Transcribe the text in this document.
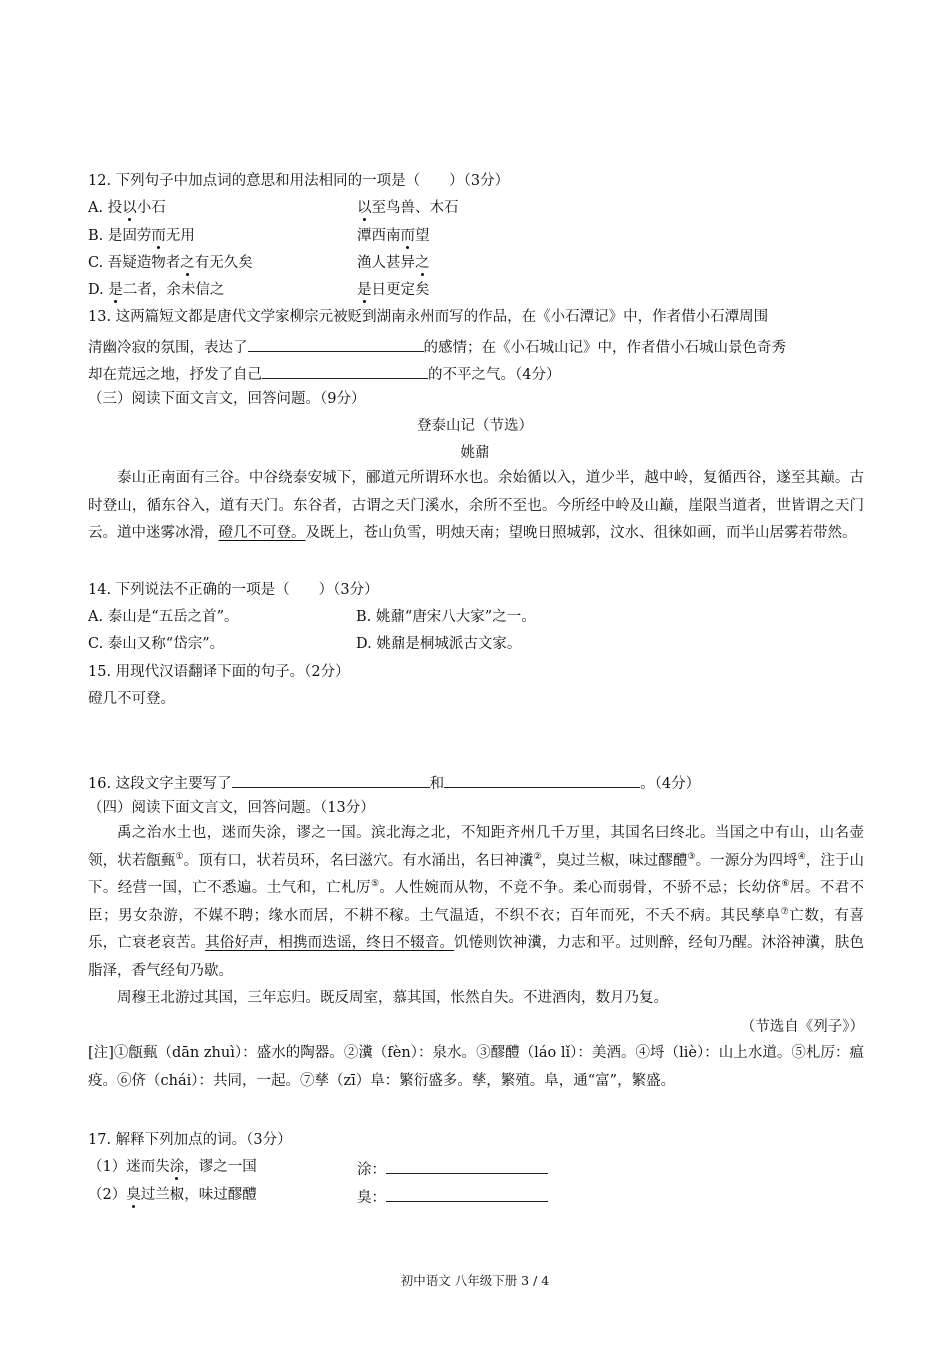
12. 下列句子中加点词的意思和用法相同的一项是（　　）（3分）
A. 投以小石	以至鸟兽、木石
B. 是固劳而无用	潭西南而望
C. 吾疑造物者之有无久矣	渔人甚异之
D. 是二者，余未信之	是日更定矣
13. 这两篇短文都是唐代文学家柳宗元被贬到湖南永州而写的作品，在《小石潭记》中，作者借小石潭周围
清幽冷寂的氛围，表达了	的感情；在《小石城山记》中，作者借小石城山景色奇秀
却在荒远之地，抒发了自己	的不平之气。（4分）
（三）阅读下面文言文，回答问题。（9分）
登泰山记（节选）
姚鼐
泰山正南面有三谷。中谷绕泰安城下，郦道元所谓环水也。余始循以入，道少半，越中岭，复循西谷，遂至其巅。古时登山，循东谷入，道有天门。东谷者，古谓之天门溪水，余所不至也。今所经中岭及山巅，崖限当道者，世皆谓之天门云。道中迷雾冰滑，磴几不可登。及既上，苍山负雪，明烛天南；望晚日照城郭，汶水、徂徕如画，而半山居雾若带然。
14. 下列说法不正确的一项是（　　）（3分）
A. 泰山是“五岳之首”。	B. 姚鼐“唐宋八大家”之一。
C. 泰山又称“岱宗”。	D. 姚鼐是桐城派古文家。
15. 用现代汉语翻译下面的句子。（2分）
磴几不可登。
16. 这段文字主要写了	和	。（4分）
（四）阅读下面文言文，回答问题。（13分）
禹之治水土也，迷而失涂，谬之一国。滨北海之北，不知距齐州几千万里，其国名曰终北。当国之中有山，山名壶领，状若甔甀①。顶有口，状若员环，名曰滋穴。有水涌出，名曰神瀵②，臭过兰椒，味过醪醴③。一源分为四埒④，注于山下。经营一国，亡不悉遍。土气和，亡札厉⑤。人性婉而从物，不竞不争。柔心而弱骨，不骄不忌；长幼侪⑥居。不君不臣；男女杂游，不媒不聘；缘水而居，不耕不稼。土气温适，不织不衣；百年而死，不夭不病。其民孳阜⑦亡数，有喜乐，亡衰老哀苦。其俗好声，相携而迭谣，终日不辍音。饥惓则饮神瀵，力志和平。过则醉，经旬乃醒。沐浴神瀵，肤色脂泽，香气经旬乃歇。
周穆王北游过其国，三年忘归。既反周室，慕其国，怅然自失。不进酒肉，数月乃复。
（节选自《列子》）
[注]①甔甀（dān zhuì）：盛水的陶器。②瀵（fèn）：泉水。③醪醴（láo lǐ）：美酒。④埒（liè）：山上水道。⑤札厉：瘟疫。⑥侪（chái）：共同，一起。⑦孳（zī）阜：繁衍盛多。孳，繁殖。阜，通“富”，繁盛。
17. 解释下列加点的词。（3分）
（1）迷而失涂，谬之一国	涂：
（2）臭过兰椒，味过醪醴	臭：
初中语文 八年级下册 3 / 4
